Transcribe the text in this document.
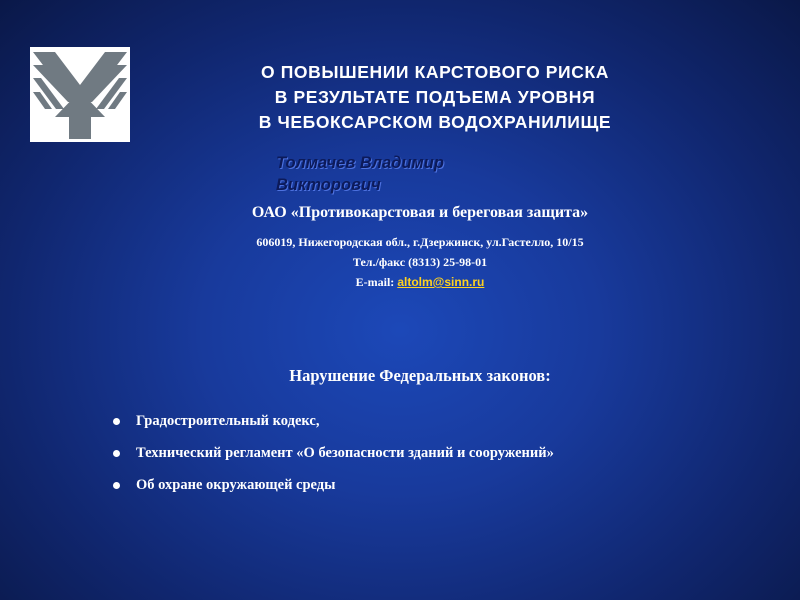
О ПОВЫШЕНИИ КАРСТОВОГО РИСКА
В РЕЗУЛЬТАТЕ ПОДЪЕМА УРОВНЯ
В ЧЕБОКСАРСКОМ ВОДОХРАНИЛИЩЕ
Толмачев Владимир
Викторович
ОАО «Противокарстовая и береговая защита»
606019, Нижегородская обл., г.Дзержинск, ул.Гастелло, 10/15
Тел./факс (8313) 25-98-01
E-mail: altolm@sinn.ru
Нарушение Федеральных законов:
Градостроительный кодекс,
Технический регламент «О безопасности зданий и сооружений»
Об охране окружающей среды
